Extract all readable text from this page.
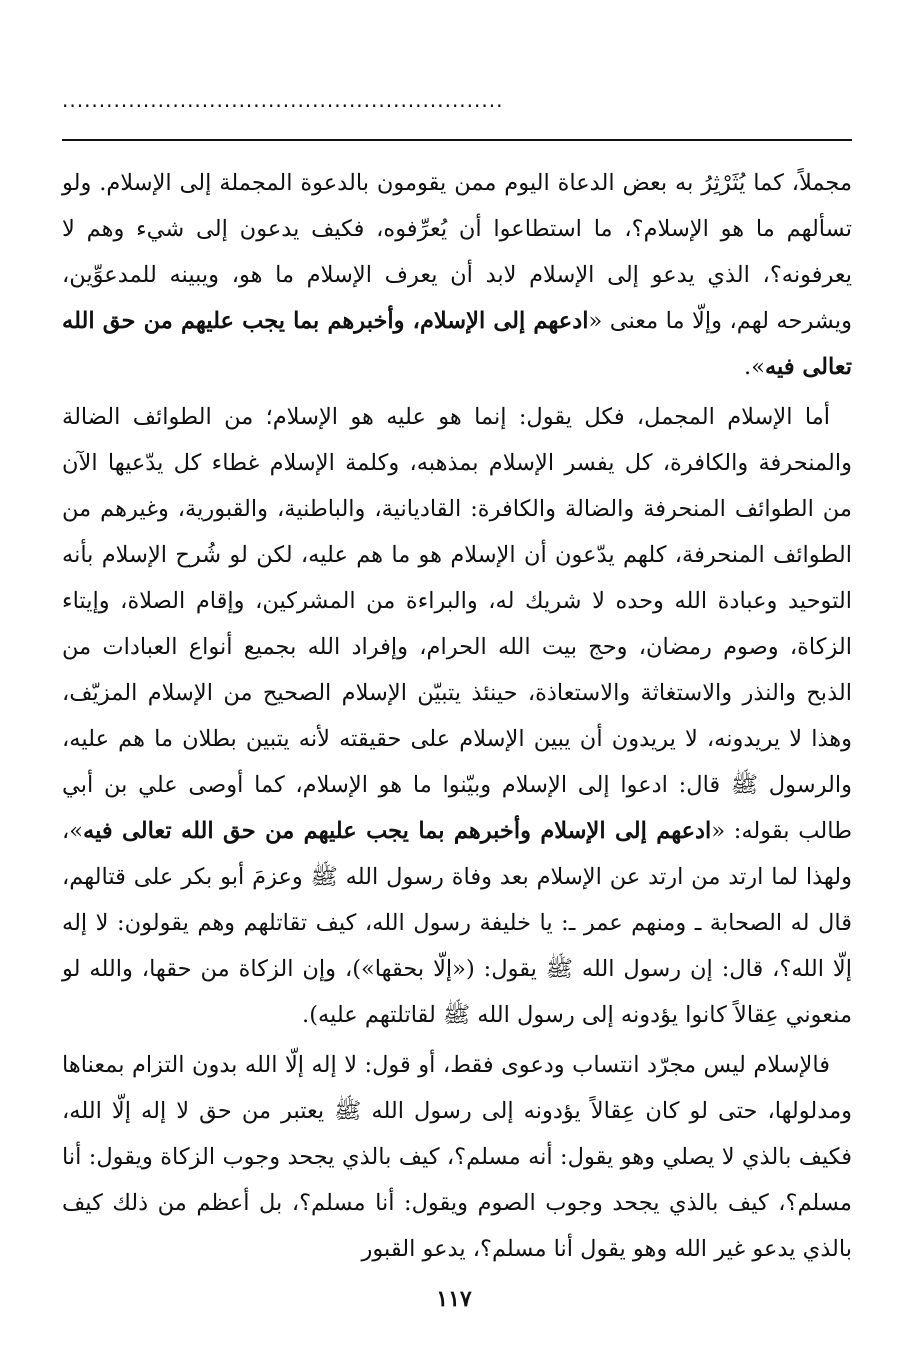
............................................................

مجملاً، كما يُثَرْثِرُ به بعض الدعاة اليوم ممن يقومون بالدعوة المجملة إلى الإسلام. ولو تسألهم ما هو الإسلام؟، ما استطاعوا أن يُعرِّفوه، فكيف يدعون إلى شيء وهم لا يعرفونه؟، الذي يدعو إلى الإسلام لابد أن يعرف الإسلام ما هو، ويبينه للمدعوِّين، ويشرحه لهم، وإلّا ما معنى «ادعهم إلى الإسلام، وأخبرهم بما يجب عليهم من حق الله تعالى فيه».

أما الإسلام المجمل، فكل يقول: إنما هو عليه هو الإسلام؛ من الطوائف الضالة والمنحرفة والكافرة، كل يفسر الإسلام بمذهبه، وكلمة الإسلام غطاء كل يدّعيها الآن من الطوائف المنحرفة والضالة والكافرة: القاديانية، والباطنية، والقبورية، وغيرهم من الطوائف المنحرفة، كلهم يدّعون أن الإسلام هو ما هم عليه، لكن لو شُرح الإسلام بأنه التوحيد وعبادة الله وحده لا شريك له، والبراءة من المشركين، وإقام الصلاة، وإيتاء الزكاة، وصوم رمضان، وحج بيت الله الحرام، وإفراد الله بجميع أنواع العبادات من الذبح والنذر والاستغاثة والاستعاذة، حينئذ يتبيّن الإسلام الصحيح من الإسلام المزيّف، وهذا لا يريدونه، لا يريدون أن يبين الإسلام على حقيقته لأنه يتبين بطلان ما هم عليه، والرسول ﷺ قال: ادعوا إلى الإسلام وبيّنوا ما هو الإسلام، كما أوصى علي بن أبي طالب بقوله: «ادعهم إلى الإسلام وأخبرهم بما يجب عليهم من حق الله تعالى فيه»، ولهذا لما ارتد من ارتد عن الإسلام بعد وفاة رسول الله ﷺ وعزمَ أبو بكر على قتالهم، قال له الصحابة ـ ومنهم عمر ـ: يا خليفة رسول الله، كيف تقاتلهم وهم يقولون: لا إله إلّا الله؟، قال: إن رسول الله ﷺ يقول: («إلّا بحقها»)، وإن الزكاة من حقها، والله لو منعوني عِقالاً كانوا يؤدونه إلى رسول الله ﷺ لقاتلتهم عليه).

فالإسلام ليس مجرّد انتساب ودعوى فقط، أو قول: لا إله إلّا الله بدون التزام بمعناها ومدلولها، حتى لو كان عِقالاً يؤدونه إلى رسول الله ﷺ يعتبر من حق لا إله إلّا الله، فكيف بالذي لا يصلي وهو يقول: أنه مسلم؟، كيف بالذي يجحد وجوب الزكاة ويقول: أنا مسلم؟، كيف بالذي يجحد وجوب الصوم ويقول: أنا مسلم؟، بل أعظم من ذلك كيف بالذي يدعو غير الله وهو يقول أنا مسلم؟، يدعو القبور

١١٧
